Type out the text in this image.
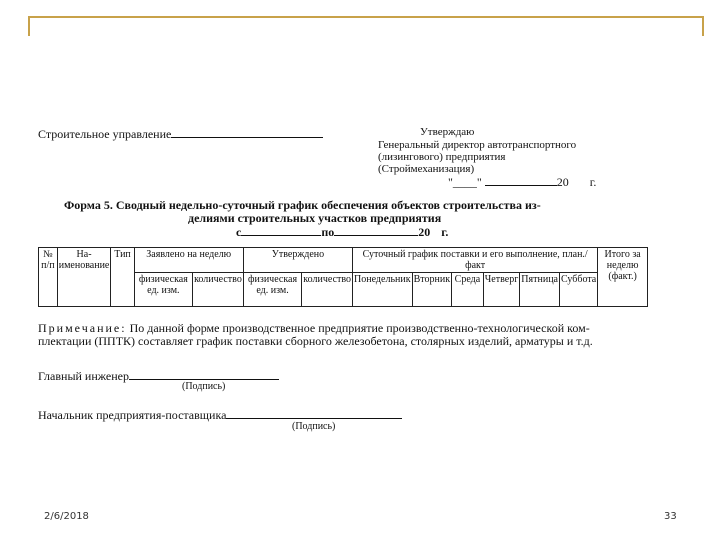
Строительное управление	Утверждаю
Генеральный директор автотранспортного
(лизингового) предприятия
(Строймеханизация)
"____"	20 г.
Форма 5. Сводный недельно-суточный график обеспечения объектов строительства из-
делиями строительных участков предприятия
с	по	20 г.
№ п/п	На-именование	Тип	Заявлено на неделю		Утверждено		Суточный график поставки и его выполнение, план./факт						Итого за неделю (факт.)
			физическая ед. изм.	количество	физическая ед. изм.	количество	Понедельник	Вторник	Среда	Четверг	Пятница	Суббота	
Примечание: По данной форме производственное предприятие производственно-технологической ком-
плектации (ППТК) составляет график поставки сборного железобетона, столярных изделий, арматуры и т.д.
Главный инженер
(Подпись)
Начальник предприятия-поставщика
(Подпись)
2/6/2018	33
